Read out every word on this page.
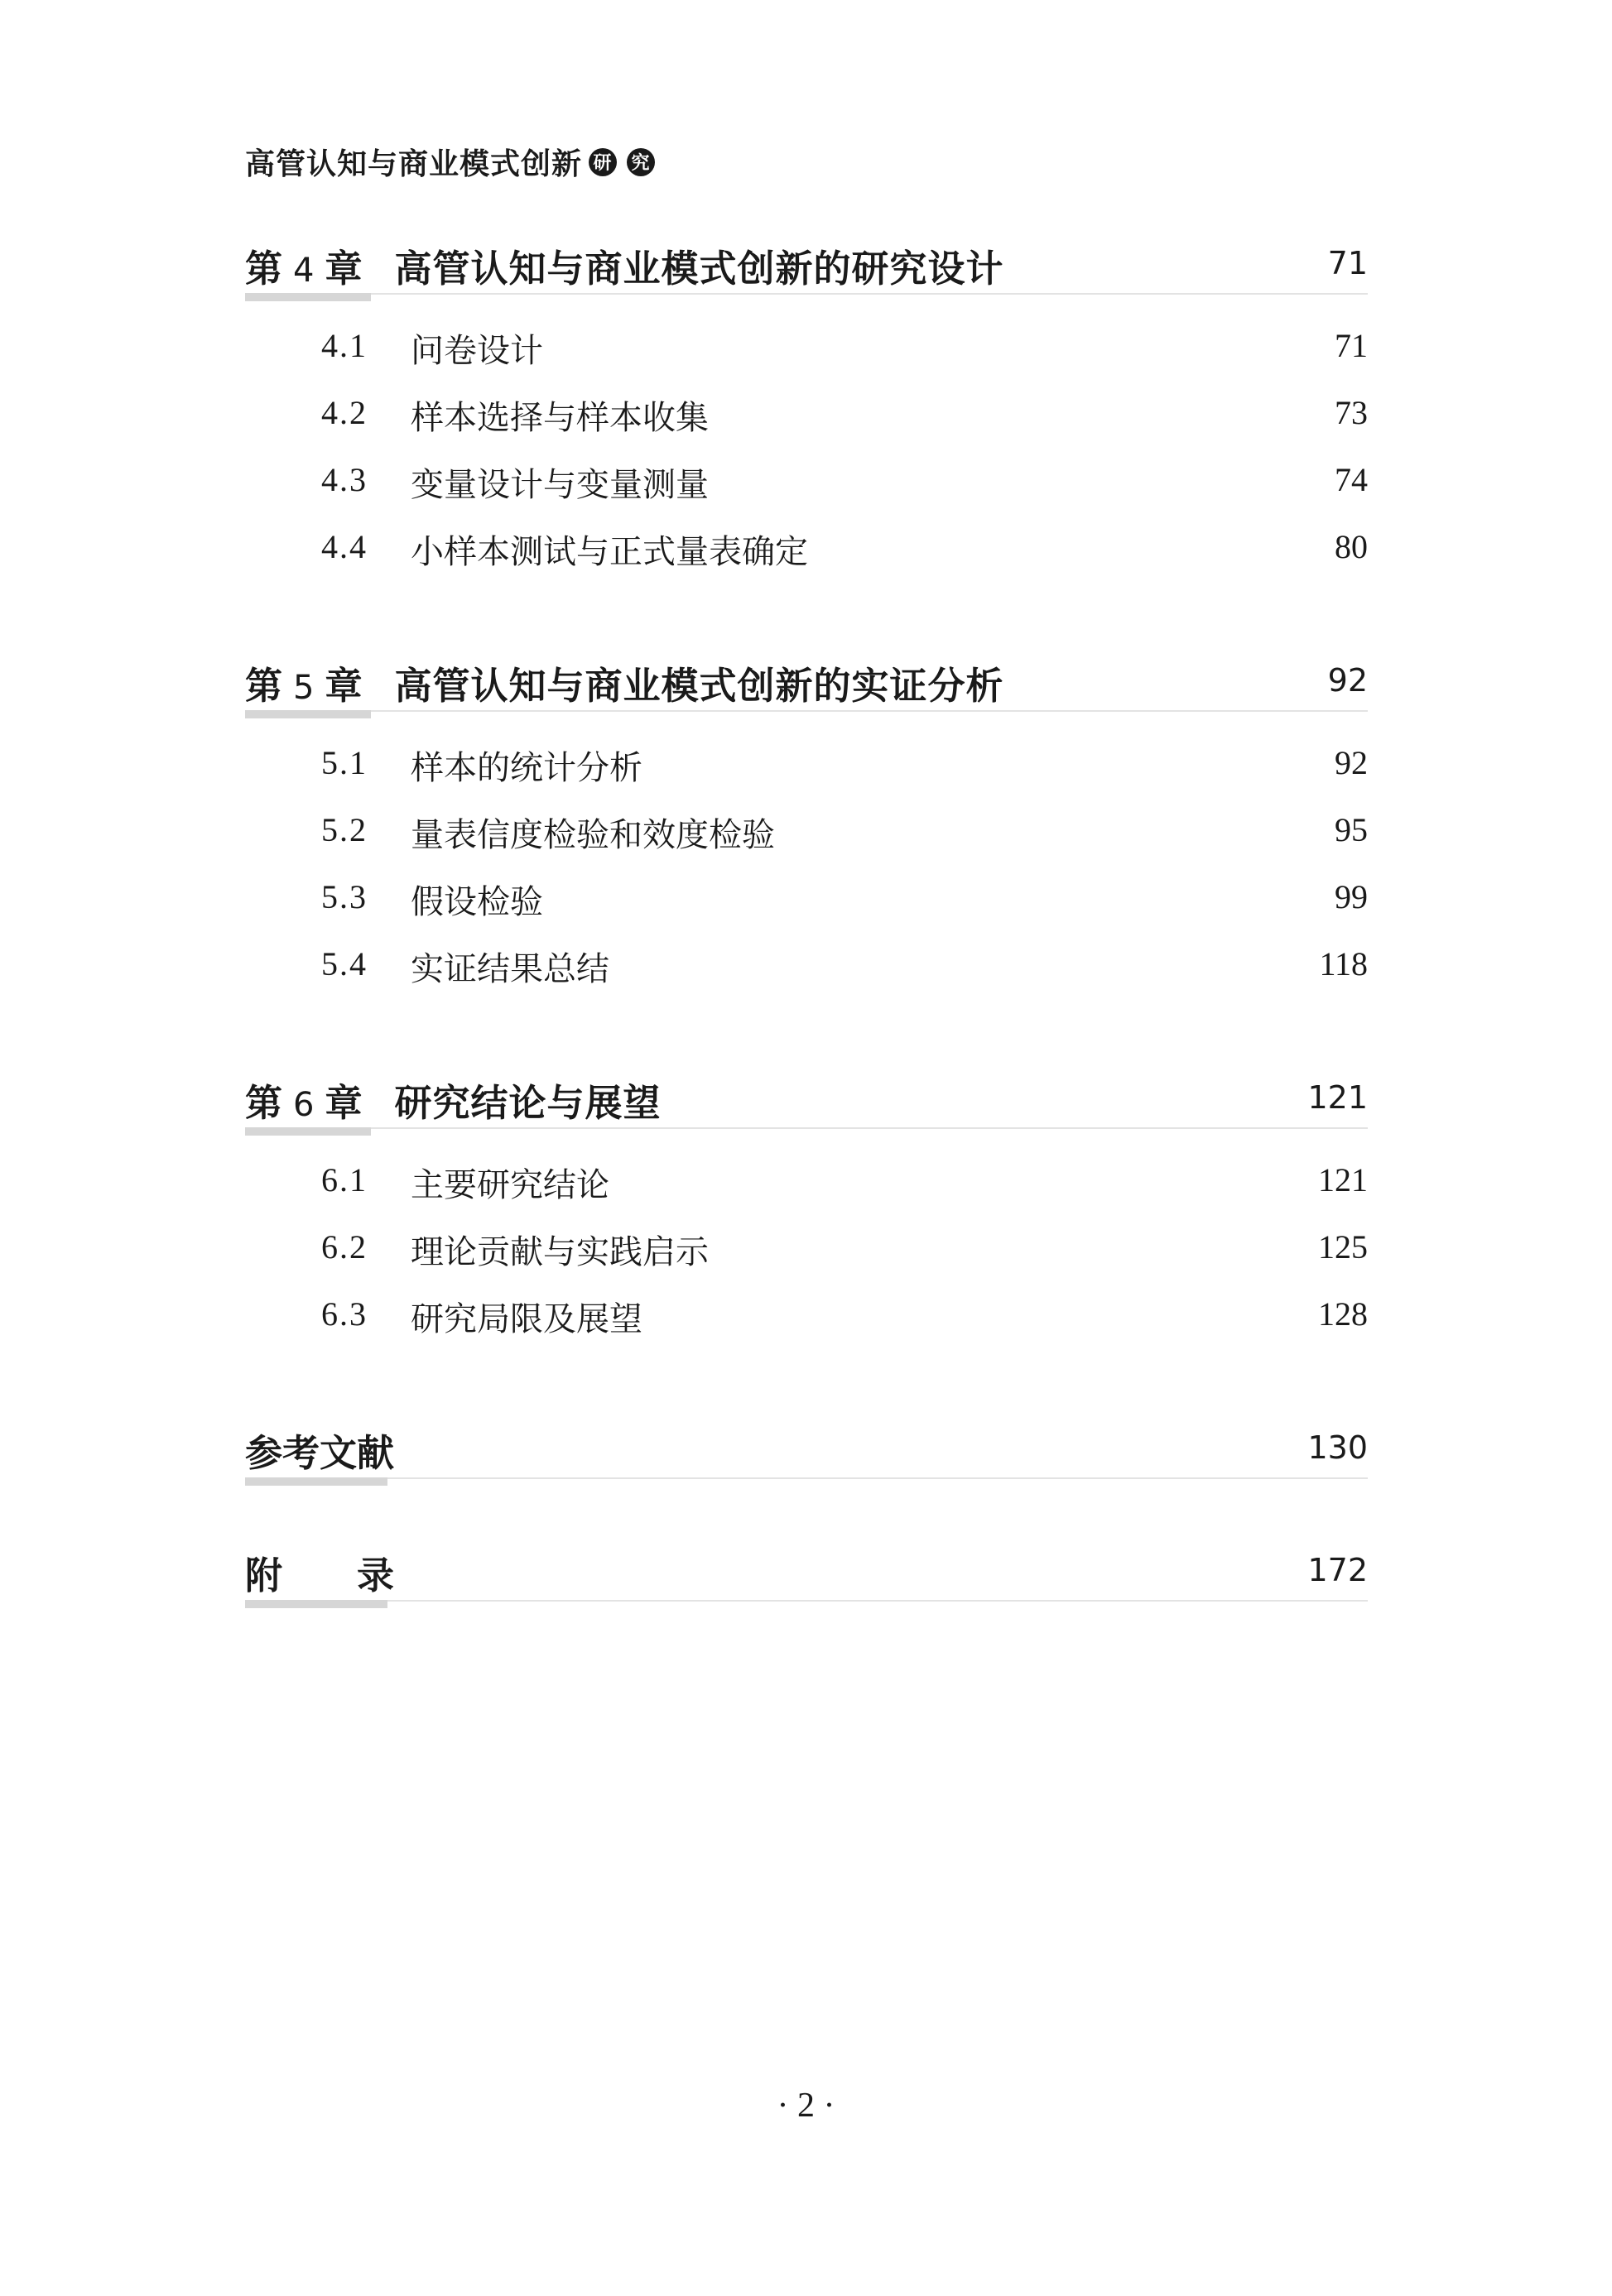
高管认知与商业模式创新 研 究
第 4 章 高管认知与商业模式创新的研究设计	71
4.1 问卷设计	71
4.2 样本选择与样本收集	73
4.3 变量设计与变量测量	74
4.4 小样本测试与正式量表确定	80
第 5 章 高管认知与商业模式创新的实证分析	92
5.1 样本的统计分析	92
5.2 量表信度检验和效度检验	95
5.3 假设检验	99
5.4 实证结果总结	118
第 6 章 研究结论与展望	121
6.1 主要研究结论	121
6.2 理论贡献与实践启示	125
6.3 研究局限及展望	128
参考文献	130
附　　录	172
· 2 ·
